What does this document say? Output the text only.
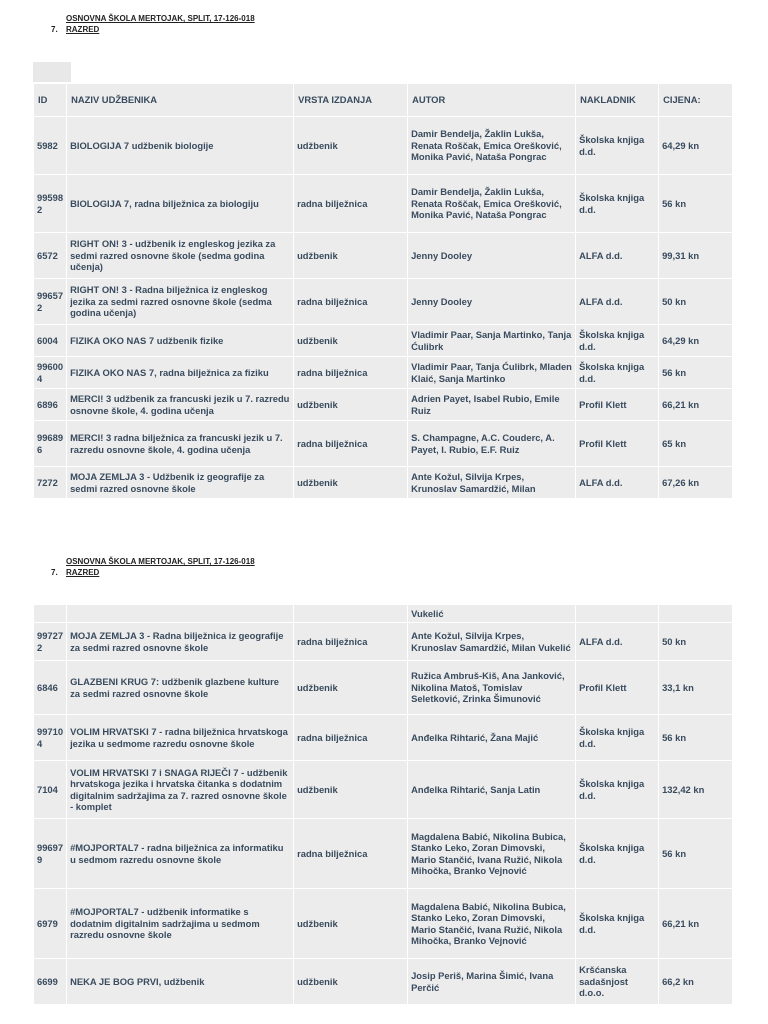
OSNOVNA ŠKOLA MERTOJAK, SPLIT, 17-126-018
7. RAZRED
ID	NAZIV UDŽBENIKA	VRSTA IZDANJA	AUTOR	NAKLADNIK	CIJENA:
5982	BIOLOGIJA 7 udžbenik biologije	udžbenik	Damir Bendelja, Žaklin Lukša, Renata Roščak, Emica Orešković, Monika Pavić, Nataša Pongrac	Školska knjiga d.d.	64,29 kn
99598 2	BIOLOGIJA 7, radna bilježnica za biologiju	radna bilježnica	Damir Bendelja, Žaklin Lukša, Renata Roščak, Emica Orešković, Monika Pavić, Nataša Pongrac	Školska knjiga d.d.	56 kn
6572	RIGHT ON! 3 - udžbenik iz engleskog jezika za sedmi razred osnovne škole (sedma godina učenja)	udžbenik	Jenny Dooley	ALFA d.d.	99,31 kn
99657 2	RIGHT ON! 3 - Radna bilježnica iz engleskog jezika za sedmi razred osnovne škole (sedma godina učenja)	radna bilježnica	Jenny Dooley	ALFA d.d.	50 kn
6004	FIZIKA OKO NAS 7 udžbenik fizike	udžbenik	Vladimir Paar, Sanja Martinko, Tanja Ćulibrk	Školska knjiga d.d.	64,29 kn
99600 4	FIZIKA OKO NAS 7, radna bilježnica za fiziku	radna bilježnica	Vladimir Paar, Tanja Ćulibrk, Mladen Klaić, Sanja Martinko	Školska knjiga d.d.	56 kn
6896	MERCI! 3 udžbenik za francuski jezik u 7. razredu osnovne škole, 4. godina učenja	udžbenik	Adrien Payet, Isabel Rubio, Emile Ruiz	Profil Klett	66,21 kn
99689 6	MERCI! 3 radna bilježnica za francuski jezik u 7. razredu osnovne škole, 4. godina učenja	radna bilježnica	S. Champagne, A.C. Couderc, A. Payet, I. Rubio, E.F. Ruiz	Profil Klett	65 kn
7272	MOJA ZEMLJA 3 - Udžbenik iz geografije za sedmi razred osnovne škole	udžbenik	Ante Kožul, Silvija Krpes, Krunoslav Samardžić, Milan	ALFA d.d.	67,26 kn
OSNOVNA ŠKOLA MERTOJAK, SPLIT, 17-126-018
7. RAZRED
			Vukelić		
99727 2	MOJA ZEMLJA 3 - Radna bilježnica iz geografije za sedmi razred osnovne škole	radna bilježnica	Ante Kožul, Silvija Krpes, Krunoslav Samardžić, Milan Vukelić	ALFA d.d.	50 kn
6846	GLAZBENI KRUG 7: udžbenik glazbene kulture za sedmi razred osnovne škole	udžbenik	Ružica Ambruš-Kiš, Ana Janković, Nikolina Matoš, Tomislav Seletković, Zrinka Šimunović	Profil Klett	33,1 kn
99710 4	VOLIM HRVATSKI 7 - radna bilježnica hrvatskoga jezika u sedmome razredu osnovne škole	radna bilježnica	Anđelka Rihtarić, Žana Majić	Školska knjiga d.d.	56 kn
7104	VOLIM HRVATSKI 7 i SNAGA RIJEČI 7 - udžbenik hrvatskoga jezika i hrvatska čitanka s dodatnim digitalnim sadržajima za 7. razred osnovne škole - komplet	udžbenik	Anđelka Rihtarić, Sanja Latin	Školska knjiga d.d.	132,42 kn
99697 9	#MOJPORTAL7 - radna bilježnica za informatiku u sedmom razredu osnovne škole	radna bilježnica	Magdalena Babić, Nikolina Bubica, Stanko Leko, Zoran Dimovski, Mario Stančić, Ivana Ružić, Nikola Mihočka, Branko Vejnović	Školska knjiga d.d.	56 kn
6979	#MOJPORTAL7 - udžbenik informatike s dodatnim digitalnim sadržajima u sedmom razredu osnovne škole	udžbenik	Magdalena Babić, Nikolina Bubica, Stanko Leko, Zoran Dimovski, Mario Stančić, Ivana Ružić, Nikola Mihočka, Branko Vejnović	Školska knjiga d.d.	66,21 kn
6699	NEKA JE BOG PRVI, udžbenik	udžbenik	Josip Periš, Marina Šimić, Ivana Perčić	Kršćanska sadašnjost d.o.o.	66,2 kn
